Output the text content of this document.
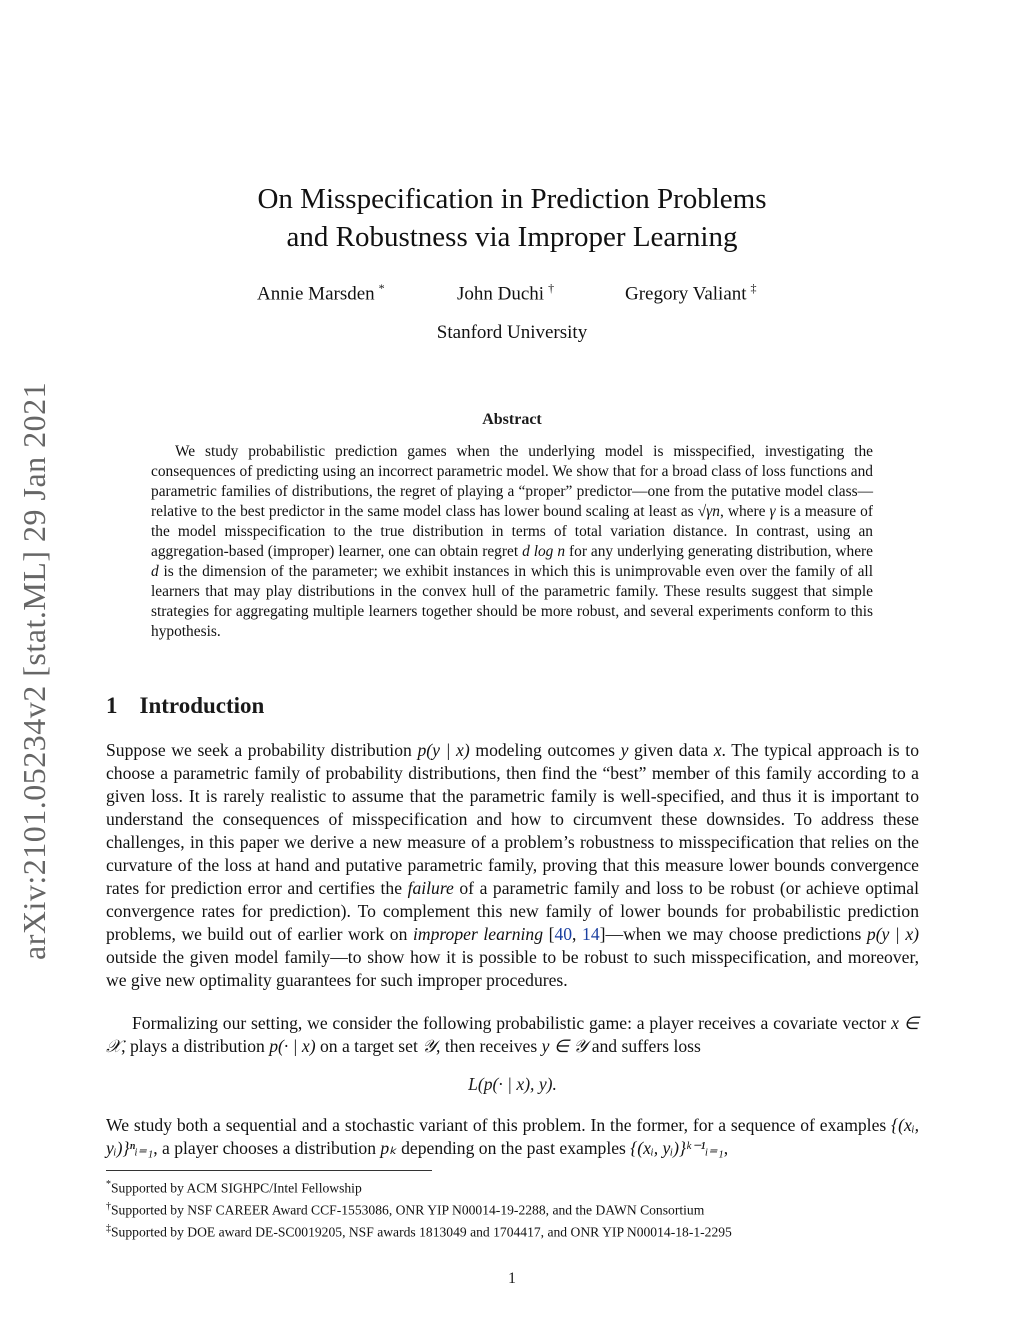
arXiv:2101.05234v2 [stat.ML] 29 Jan 2021
On Misspecification in Prediction Problems
and Robustness via Improper Learning
Annie Marsden *	John Duchi †	Gregory Valiant ‡
Stanford University
Abstract
We study probabilistic prediction games when the underlying model is misspecified, investigating the consequences of predicting using an incorrect parametric model. We show that for a broad class of loss functions and parametric families of distributions, the regret of playing a “proper” predictor—one from the putative model class—relative to the best predictor in the same model class has lower bound scaling at least as √γn, where γ is a measure of the model misspecification to the true distribution in terms of total variation distance. In contrast, using an aggregation-based (improper) learner, one can obtain regret d log n for any underlying generating distribution, where d is the dimension of the parameter; we exhibit instances in which this is unimprovable even over the family of all learners that may play distributions in the convex hull of the parametric family. These results suggest that simple strategies for aggregating multiple learners together should be more robust, and several experiments conform to this hypothesis.
1 Introduction
Suppose we seek a probability distribution p(y | x) modeling outcomes y given data x. The typical approach is to choose a parametric family of probability distributions, then find the “best” member of this family according to a given loss. It is rarely realistic to assume that the parametric family is well-specified, and thus it is important to understand the consequences of misspecification and how to circumvent these downsides. To address these challenges, in this paper we derive a new measure of a problem’s robustness to misspecification that relies on the curvature of the loss at hand and putative parametric family, proving that this measure lower bounds convergence rates for prediction error and certifies the failure of a parametric family and loss to be robust (or achieve optimal convergence rates for prediction). To complement this new family of lower bounds for probabilistic prediction problems, we build out of earlier work on improper learning [40, 14]—when we may choose predictions p(y | x) outside the given model family—to show how it is possible to be robust to such misspecification, and moreover, we give new optimality guarantees for such improper procedures.
Formalizing our setting, we consider the following probabilistic game: a player receives a covariate vector x ∈ 𝒳, plays a distribution p(· | x) on a target set 𝒴, then receives y ∈ 𝒴 and suffers loss
L(p(· | x), y).
We study both a sequential and a stochastic variant of this problem. In the former, for a sequence of examples {(xᵢ, yᵢ)}ⁿᵢ₌₁, a player chooses a distribution pₖ depending on the past examples {(xᵢ, yᵢ)}ᵏ⁻¹ᵢ₌₁,
*Supported by ACM SIGHPC/Intel Fellowship
†Supported by NSF CAREER Award CCF-1553086, ONR YIP N00014-19-2288, and the DAWN Consortium
‡Supported by DOE award DE-SC0019205, NSF awards 1813049 and 1704417, and ONR YIP N00014-18-1-2295
1
